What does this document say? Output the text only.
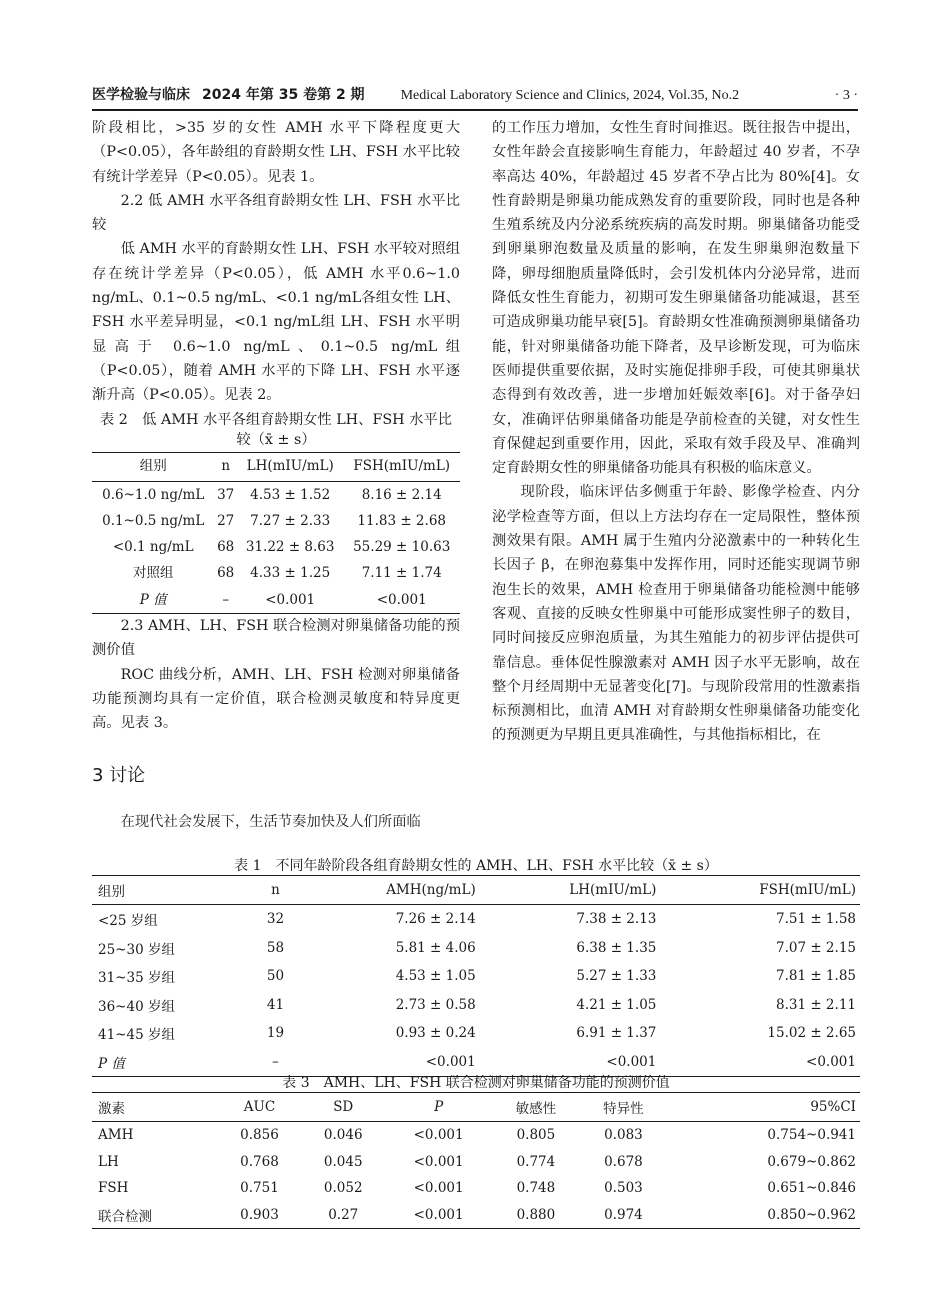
医学检验与临床 2024 年第 35 卷第 2 期	Medical Laboratory Science and Clinics, 2024, Vol.35, No.2	· 3 ·

阶段相比，>35 岁的女性 AMH 水平下降程度更大（P<0.05），各年龄组的育龄期女性 LH、FSH 水平比较有统计学差异（P<0.05）。见表 1。

2.2 低 AMH 水平各组育龄期女性 LH、FSH 水平比较

低 AMH 水平的育龄期女性 LH、FSH 水平较对照组存在统计学差异（P<0.05），低 AMH 水平0.6~1.0 ng/mL、0.1~0.5 ng/mL、<0.1 ng/mL各组女性 LH、FSH 水平差异明显，<0.1 ng/mL组 LH、FSH 水平明显高于 0.6~1.0 ng/mL、0.1~0.5 ng/mL组（P<0.05），随着 AMH 水平的下降 LH、FSH 水平逐渐升高（P<0.05）。见表 2。

表 2　低 AMH 水平各组育龄期女性 LH、FSH 水平比
较（x̄ ± s）
组别	n	LH(mIU/mL)	FSH(mIU/mL)
0.6~1.0 ng/mL	37	4.53 ± 1.52	8.16 ± 2.14
0.1~0.5 ng/mL	27	7.27 ± 2.33	11.83 ± 2.68
<0.1 ng/mL	68	31.22 ± 8.63	55.29 ± 10.63
对照组	68	4.33 ± 1.25	7.11 ± 1.74
P 值	–	<0.001	<0.001

2.3 AMH、LH、FSH 联合检测对卵巢储备功能的预测价值

ROC 曲线分析，AMH、LH、FSH 检测对卵巢储备功能预测均具有一定价值，联合检测灵敏度和特异度更高。见表 3。

3 讨论

在现代社会发展下，生活节奏加快及人们所面临

的工作压力增加，女性生育时间推迟。既往报告中提出，女性年龄会直接影响生育能力，年龄超过 40 岁者，不孕率高达 40%，年龄超过 45 岁者不孕占比为 80%[4]。女性育龄期是卵巢功能成熟发育的重要阶段，同时也是各种生殖系统及内分泌系统疾病的高发时期。卵巢储备功能受到卵巢卵泡数量及质量的影响，在发生卵巢卵泡数量下降，卵母细胞质量降低时，会引发机体内分泌异常，进而降低女性生育能力，初期可发生卵巢储备功能减退，甚至可造成卵巢功能早衰[5]。育龄期女性准确预测卵巢储备功能，针对卵巢储备功能下降者，及早诊断发现，可为临床医师提供重要依据，及时实施促排卵手段，可使其卵巢状态得到有效改善，进一步增加妊娠效率[6]。对于备孕妇女，准确评估卵巢储备功能是孕前检查的关键，对女性生育保健起到重要作用，因此，采取有效手段及早、准确判定育龄期女性的卵巢储备功能具有积极的临床意义。

现阶段，临床评估多侧重于年龄、影像学检查、内分泌学检查等方面，但以上方法均存在一定局限性，整体预测效果有限。AMH 属于生殖内分泌激素中的一种转化生长因子 β，在卵泡募集中发挥作用，同时还能实现调节卵泡生长的效果，AMH 检查用于卵巢储备功能检测中能够客观、直接的反映女性卵巢中可能形成窦性卵子的数目，同时间接反应卵泡质量，为其生殖能力的初步评估提供可靠信息。垂体促性腺激素对 AMH 因子水平无影响，故在整个月经周期中无显著变化[7]。与现阶段常用的性激素指标预测相比，血清 AMH 对育龄期女性卵巢储备功能变化的预测更为早期且更具准确性，与其他指标相比，在

表 1　不同年龄阶段各组育龄期女性的 AMH、LH、FSH 水平比较（x̄ ± s）
组别	n	AMH(ng/mL)	LH(mIU/mL)	FSH(mIU/mL)
<25 岁组	32	7.26 ± 2.14	7.38 ± 2.13	7.51 ± 1.58
25~30 岁组	58	5.81 ± 4.06	6.38 ± 1.35	7.07 ± 2.15
31~35 岁组	50	4.53 ± 1.05	5.27 ± 1.33	7.81 ± 1.85
36~40 岁组	41	2.73 ± 0.58	4.21 ± 1.05	8.31 ± 2.11
41~45 岁组	19	0.93 ± 0.24	6.91 ± 1.37	15.02 ± 2.65
P 值	–	<0.001	<0.001	<0.001
表 3　AMH、LH、FSH 联合检测对卵巢储备功能的预测价值
激素	AUC	SD	P	敏感性	特异性	95%CI
AMH	0.856	0.046	<0.001	0.805	0.083	0.754~0.941
LH	0.768	0.045	<0.001	0.774	0.678	0.679~0.862
FSH	0.751	0.052	<0.001	0.748	0.503	0.651~0.846
联合检测	0.903	0.27	<0.001	0.880	0.974	0.850~0.962
